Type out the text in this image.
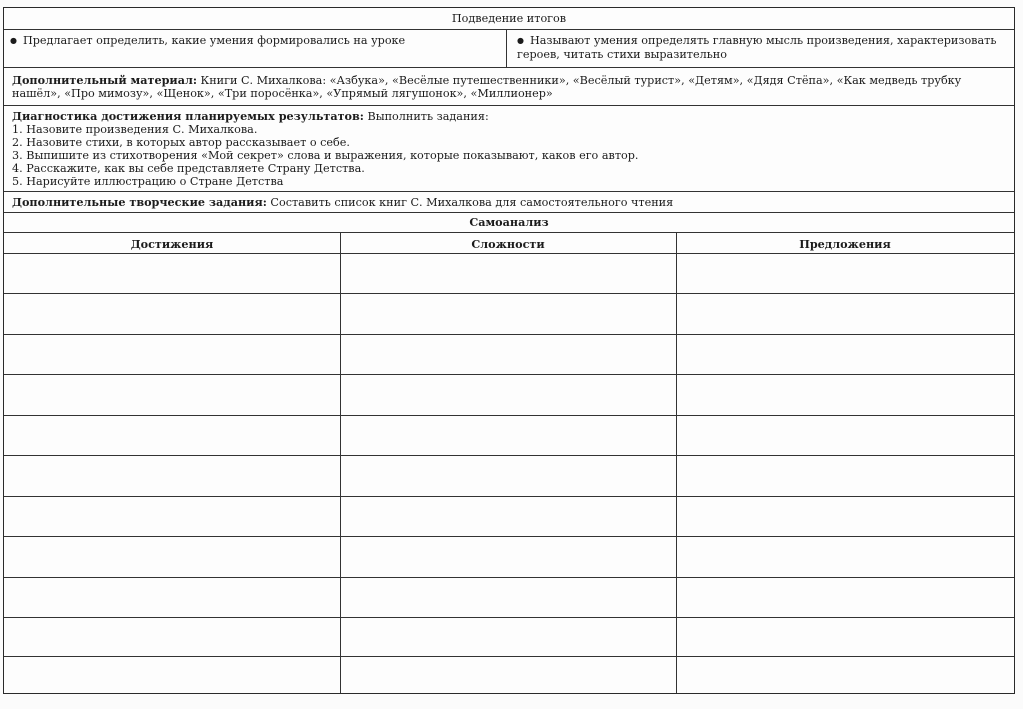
Подведение итогов
● Предлагает определить, какие умения формировались на уроке
●	Называют умения определять главную мысль произведения, характеризовать героев, читать стихи выразительно
Дополнительный материал: Книги С. Михалкова: «Азбука», «Весёлые путешественники», «Весёлый турист», «Детям», «Дядя Стёпа», «Как медведь трубку нашёл», «Про мимозу», «Щенок», «Три поросёнка», «Упрямый лягушонок», «Миллионер»
Диагностика достижения планируемых результатов: Выполнить задания:
1. Назовите произведения С. Михалкова.
2. Назовите стихи, в которых автор рассказывает о себе.
3. Выпишите из стихотворения «Мой секрет» слова и выражения, которые показывают, каков его автор.
4. Расскажите, как вы себе представляете Страну Детства.
5. Нарисуйте иллюстрацию о Стране Детства
Дополнительные творческие задания: Составить список книг С. Михалкова для самостоятельного чтения
Самоанализ
Достижения	Сложности	Предложения
